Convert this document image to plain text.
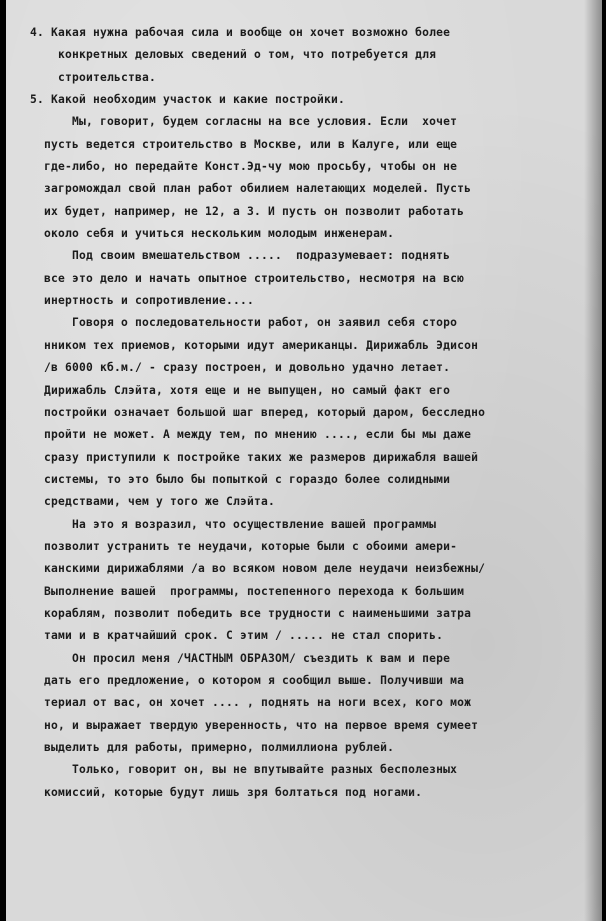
4. Какая нужна рабочая сила и вообще он хочет возможно более
конкретных деловых сведений о том, что потребуется для
строительства.
5. Какой необходим участок и какие постройки.
Мы, говорит, будем согласны на все условия. Если  хочет
пусть ведется строительство в Москве, или в Калуге, или еще
где-либо, но передайте Конст.Эд-чу мою просьбу, чтобы он не
загромождал свой план работ обилием налетающих моделей. Пусть
их будет, например, не 12, а 3. И пусть он позволит работать
около себя и учиться нескольким молодым инженерам.
Под своим вмешательством .....  подразумевает: поднять
все это дело и начать опытное строительство, несмотря на всю
инертность и сопротивление....
Говоря о последовательности работ, он заявил себя сторо
нником тех приемов, которыми идут американцы. Дирижабль Эдисон
/в 6000 кб.м./ - сразу построен, и довольно удачно летает.
Дирижабль Слэйта, хотя еще и не выпущен, но самый факт его
постройки означает большой шаг вперед, который даром, бесследно
пройти не может. А между тем, по мнению ...., если бы мы даже
сразу приступили к постройке таких же размеров дирижабля вашей
системы, то это было бы попыткой с гораздо более солидными
средствами, чем у того же Слэйта.
На это я возразил, что осуществление вашей программы
позволит устранить те неудачи, которые были с обоими амери-
канскими дирижаблями /а во всяком новом деле неудачи неизбежны/
Выполнение вашей  программы, постепенного перехода к большим
кораблям, позволит победить все трудности с наименьшими затра
тами и в кратчайший срок. С этим / ..... не стал спорить.
Он просил меня /ЧАСТНЫМ ОБРАЗОМ/ съездить к вам и пере
дать его предложение, о котором я сообщил выше. Получивши ма
териал от вас, он хочет .... , поднять на ноги всех, кого мож
но, и выражает твердую уверенность, что на первое время сумеет
выделить для работы, примерно, полмиллиона рублей.
Только, говорит он, вы не впутывайте разных бесполезных
комиссий, которые будут лишь зря болтаться под ногами.
